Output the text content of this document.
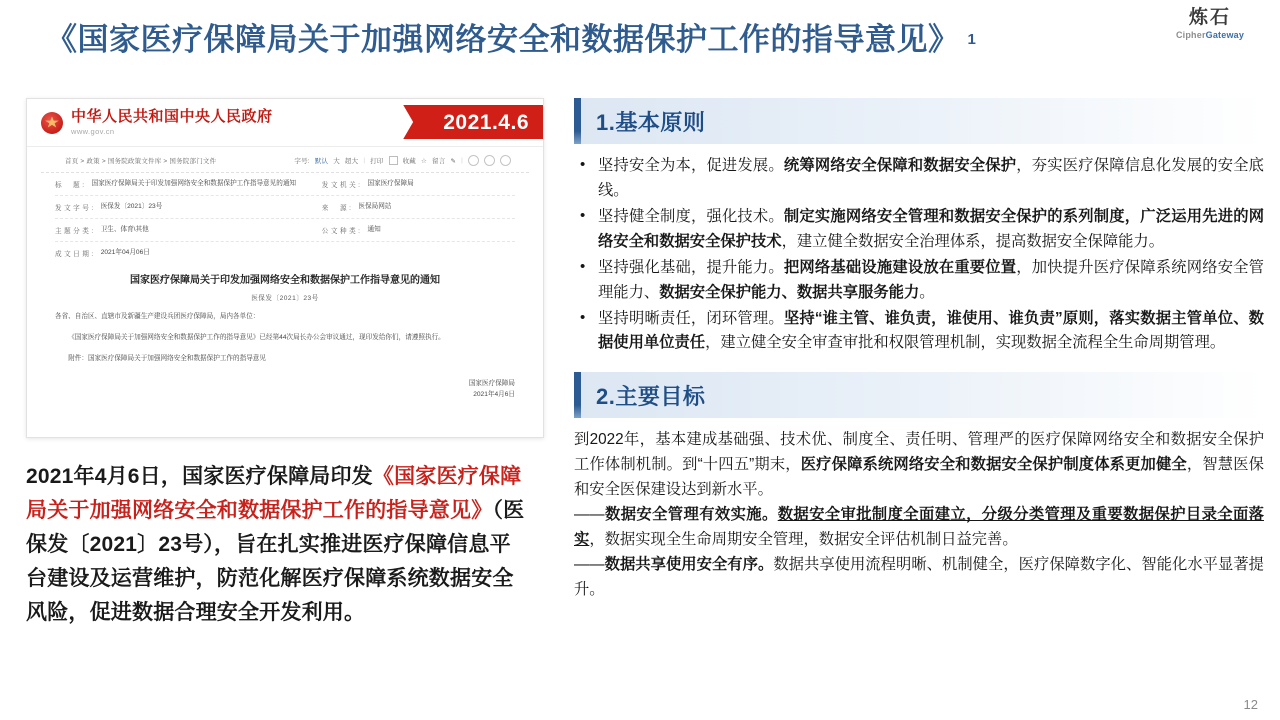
《国家医疗保障局关于加强网络安全和数据保护工作的指导意见》 1
炼石
CipherGateway
中华人民共和国中央人民政府
www.gov.cn	2021.4.6
首页 > 政策 > 国务院政策文件库 > 国务院部门文件	字号: 默认 大 超大 | 打印	收藏 ☆ 留言 ✎ |
标　题: 国家医疗保障局关于印发加强网络安全和数据保护工作指导意见的通知	发文机关: 国家医疗保障局
发文字号: 医保发〔2021〕23号	来　源: 医保局网站
主题分类: 卫生、体育\其他	公文种类: 通知
成文日期: 2021年04月06日
国家医疗保障局关于印发加强网络安全和数据保护工作指导意见的通知
医保发〔2021〕23号
各省、自治区、直辖市及新疆生产建设兵团医疗保障局，局内各单位：
《国家医疗保障局关于加强网络安全和数据保护工作的指导意见》已经第44次局长办公会审议通过，现印发给你们，请遵照执行。
附件：国家医疗保障局关于加强网络安全和数据保护工作的指导意见
国家医疗保障局
2021年4月6日
2021年4月6日，国家医疗保障局印发《国家医疗保障局关于加强网络安全和数据保护工作的指导意见》（医保发〔2021〕23号），旨在扎实推进医疗保障信息平台建设及运营维护，防范化解医疗保障系统数据安全风险，促进数据合理安全开发利用。
1.基本原则
• 坚持安全为本，促进发展。统筹网络安全保障和数据安全保护，夯实医疗保障信息化发展的安全底线。
• 坚持健全制度，强化技术。制定实施网络安全管理和数据安全保护的系列制度，广泛运用先进的网络安全和数据安全保护技术，建立健全数据安全治理体系，提高数据安全保障能力。
• 坚持强化基础，提升能力。把网络基础设施建设放在重要位置，加快提升医疗保障系统网络安全管理能力、数据安全保护能力、数据共享服务能力。
• 坚持明晰责任，闭环管理。坚持“谁主管、谁负责，谁使用、谁负责”原则，落实数据主管单位、数据使用单位责任，建立健全安全审查审批和权限管理机制，实现数据全流程全生命周期管理。
2.主要目标

到2022年，基本建成基础强、技术优、制度全、责任明、管理严的医疗保障网络安全和数据安全保护工作体制机制。到“十四五”期末，医疗保障系统网络安全和数据安全保护制度体系更加健全，智慧医保和安全医保建设达到新水平。

——数据安全管理有效实施。数据安全审批制度全面建立，分级分类管理及重要数据保护目录全面落实，数据实现全生命周期安全管理，数据安全评估机制日益完善。

——数据共享使用安全有序。数据共享使用流程明晰、机制健全，医疗保障数字化、智能化水平显著提升。

12
